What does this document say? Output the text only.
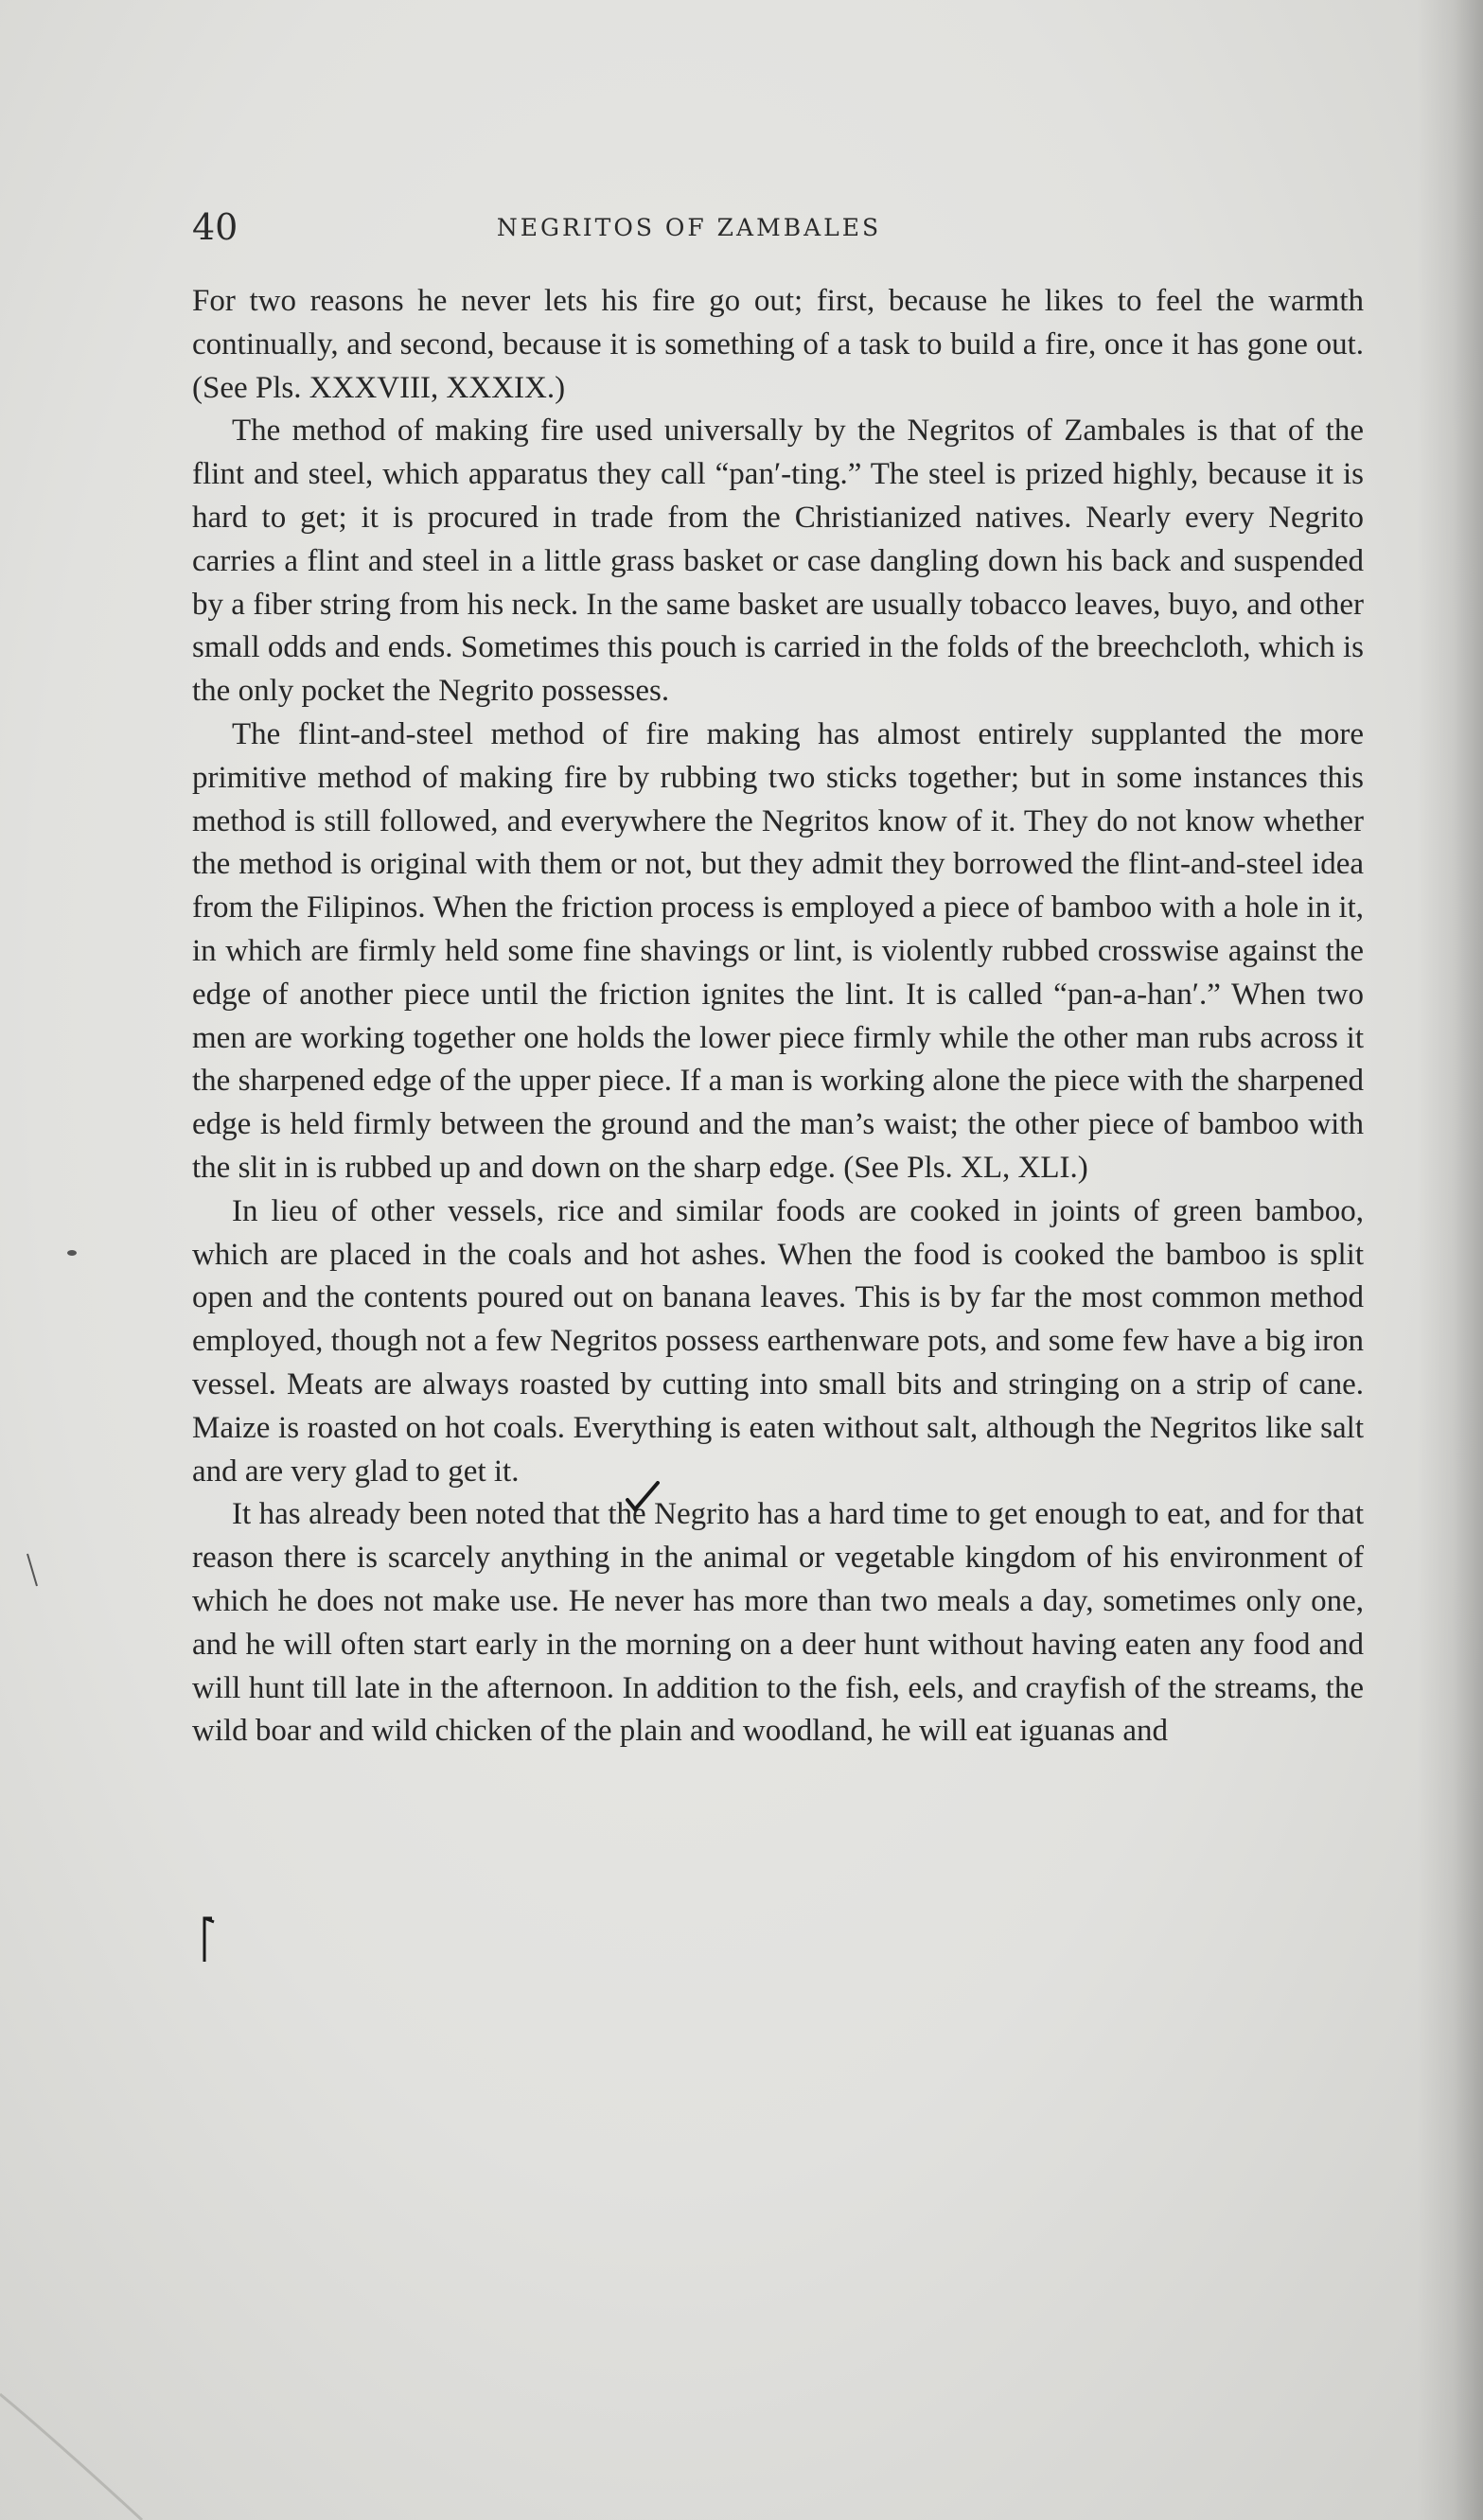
40	NEGRITOS OF ZAMBALES

For two reasons he never lets his fire go out; first, because he likes to feel the warmth continually, and second, because it is something of a task to build a fire, once it has gone out. (See Pls. XXXVIII, XXXIX.)

The method of making fire used universally by the Negritos of Zambales is that of the flint and steel, which apparatus they call “pan′-ting.” The steel is prized highly, because it is hard to get; it is procured in trade from the Christianized natives. Nearly every Negrito carries a flint and steel in a little grass basket or case dangling down his back and suspended by a fiber string from his neck. In the same basket are usually tobacco leaves, buyo, and other small odds and ends. Sometimes this pouch is carried in the folds of the breechcloth, which is the only pocket the Negrito possesses.

The flint-and-steel method of fire making has almost entirely supplanted the more primitive method of making fire by rubbing two sticks together; but in some instances this method is still followed, and everywhere the Negritos know of it. They do not know whether the method is original with them or not, but they admit they borrowed the flint-and-steel idea from the Filipinos. When the friction process is employed a piece of bamboo with a hole in it, in which are firmly held some fine shavings or lint, is violently rubbed crosswise against the edge of another piece until the friction ignites the lint. It is called “pan-a-han′.” When two men are working together one holds the lower piece firmly while the other man rubs across it the sharpened edge of the upper piece. If a man is working alone the piece with the sharpened edge is held firmly between the ground and the man’s waist; the other piece of bamboo with the slit in is rubbed up and down on the sharp edge. (See Pls. XL, XLI.)

In lieu of other vessels, rice and similar foods are cooked in joints of green bamboo, which are placed in the coals and hot ashes. When the food is cooked the bamboo is split open and the contents poured out on banana leaves. This is by far the most common method employed, though not a few Negritos possess earthenware pots, and some few have a big iron vessel. Meats are always roasted by cutting into small bits and stringing on a strip of cane. Maize is roasted on hot coals. Everything is eaten without salt, although the Negritos like salt and are very glad to get it.

It has already been noted that the Negrito has a hard time to get enough to eat, and for that reason there is scarcely anything in the animal or vegetable kingdom of his environment of which he does not make use. He never has more than two meals a day, sometimes only one, and he will often start early in the morning on a deer hunt without having eaten any food and will hunt till late in the afternoon. In addition to the fish, eels, and crayfish of the streams, the wild boar and wild chicken of the plain and woodland, he will eat iguanas and
